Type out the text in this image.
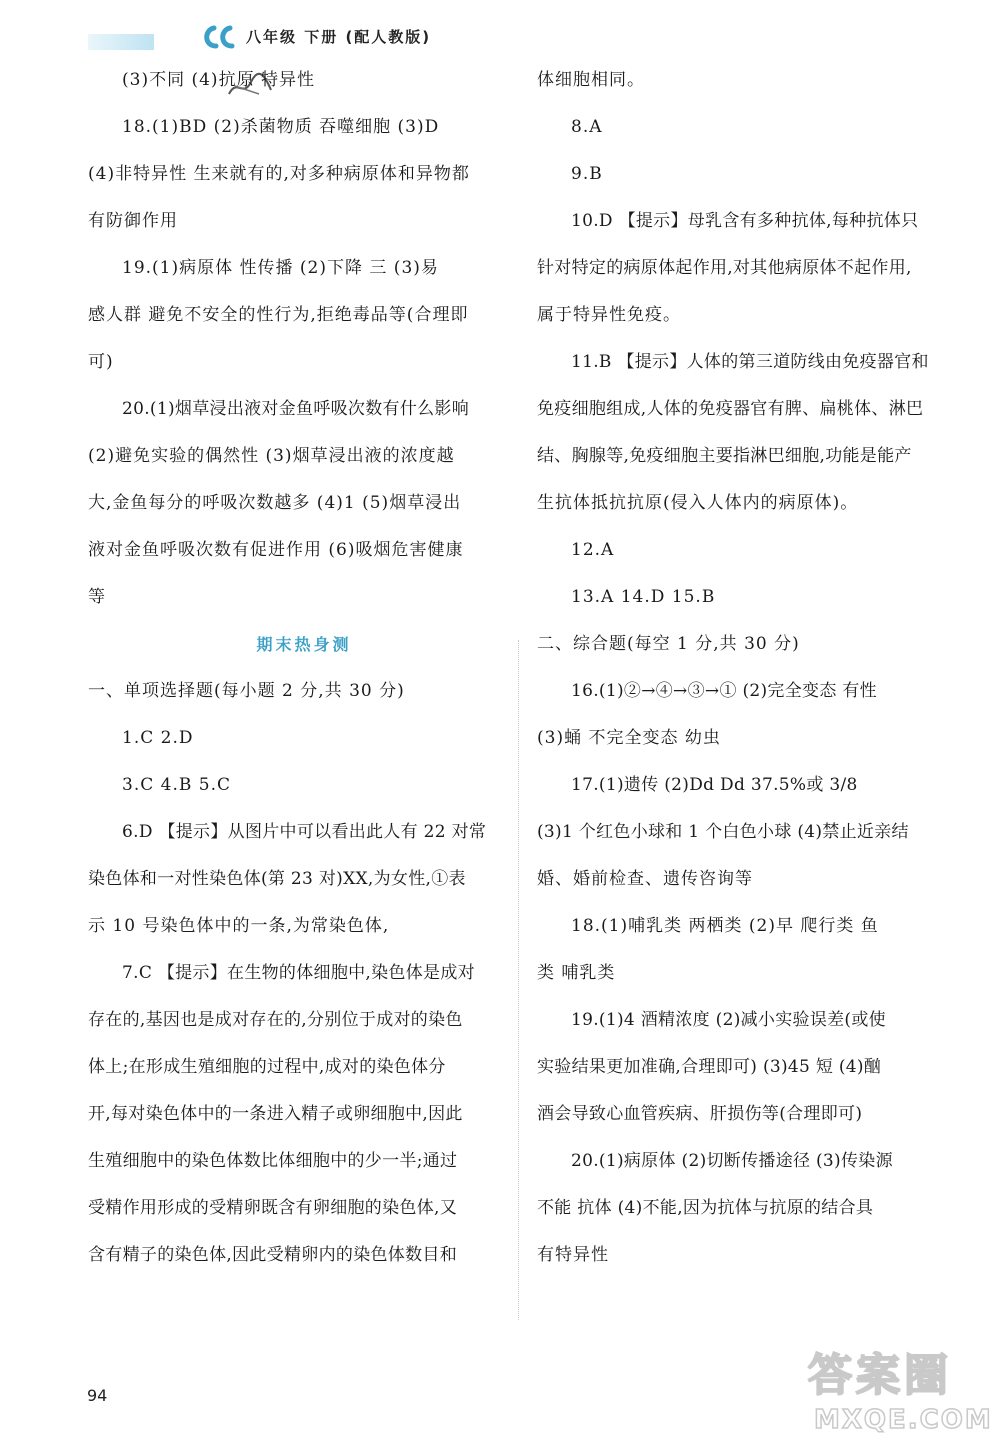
八年级 下册 (配人教版)
(3)不同 (4)抗原 特异性
18.(1)BD (2)杀菌物质 吞噬细胞 (3)D
(4)非特异性 生来就有的,对多种病原体和异物都
有防御作用
19.(1)病原体 性传播 (2)下降 三 (3)易
感人群 避免不安全的性行为,拒绝毒品等(合理即
可)
20.(1)烟草浸出液对金鱼呼吸次数有什么影响
(2)避免实验的偶然性 (3)烟草浸出液的浓度越
大,金鱼每分的呼吸次数越多 (4)1 (5)烟草浸出
液对金鱼呼吸次数有促进作用 (6)吸烟危害健康
等
期末热身测
一、单项选择题(每小题 2 分,共 30 分)
1.C 2.D
3.C 4.B 5.C
6.D 【提示】从图片中可以看出此人有 22 对常
染色体和一对性染色体(第 23 对)XX,为女性,①表
示 10 号染色体中的一条,为常染色体,
7.C 【提示】在生物的体细胞中,染色体是成对
存在的,基因也是成对存在的,分别位于成对的染色
体上;在形成生殖细胞的过程中,成对的染色体分
开,每对染色体中的一条进入精子或卵细胞中,因此
生殖细胞中的染色体数比体细胞中的少一半;通过
受精作用形成的受精卵既含有卵细胞的染色体,又
含有精子的染色体,因此受精卵内的染色体数目和
体细胞相同。
8.A
9.B
10.D 【提示】母乳含有多种抗体,每种抗体只
针对特定的病原体起作用,对其他病原体不起作用,
属于特异性免疫。
11.B 【提示】人体的第三道防线由免疫器官和
免疫细胞组成,人体的免疫器官有脾、扁桃体、淋巴
结、胸腺等,免疫细胞主要指淋巴细胞,功能是能产
生抗体抵抗抗原(侵入人体内的病原体)。
12.A
13.A 14.D 15.B
二、综合题(每空 1 分,共 30 分)
16.(1)②→④→③→① (2)完全变态 有性
(3)蛹 不完全变态 幼虫
17.(1)遗传 (2)Dd Dd 37.5%或 3/8
(3)1 个红色小球和 1 个白色小球 (4)禁止近亲结
婚、婚前检查、遗传咨询等
18.(1)哺乳类 两栖类 (2)早 爬行类 鱼
类 哺乳类
19.(1)4 酒精浓度 (2)减小实验误差(或使
实验结果更加准确,合理即可) (3)45 短 (4)酗
酒会导致心血管疾病、肝损伤等(合理即可)
20.(1)病原体 (2)切断传播途径 (3)传染源
不能 抗体 (4)不能,因为抗体与抗原的结合具
有特异性
94	答案圈
MXQE.COM
